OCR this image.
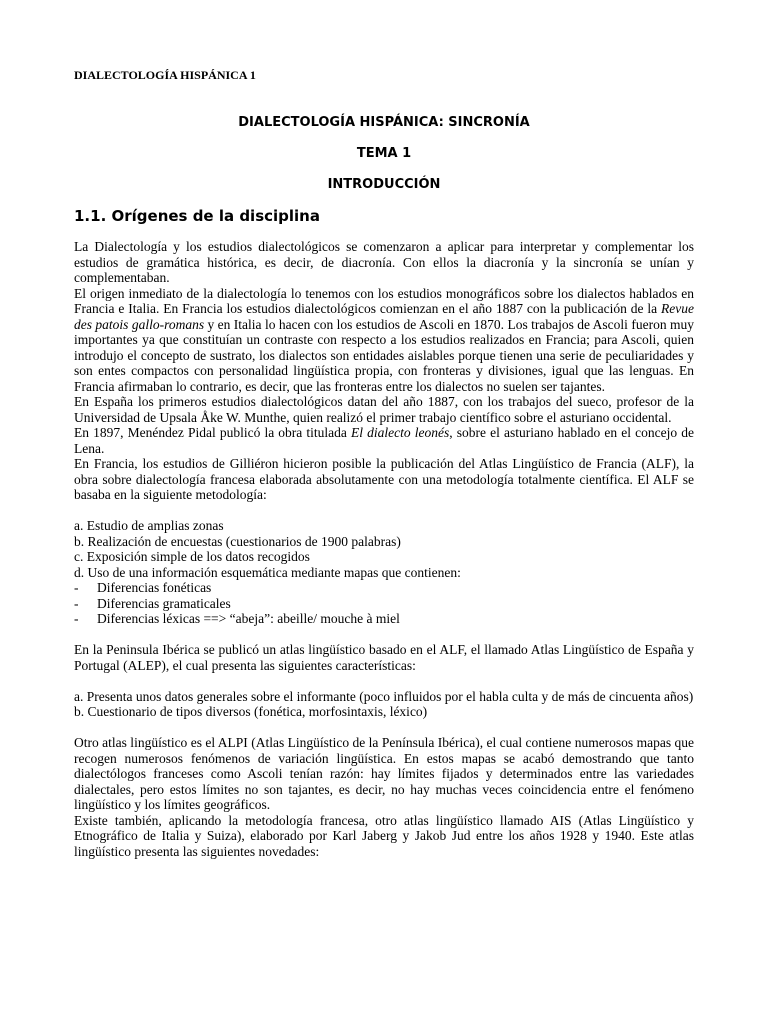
DIALECTOLOGÍA HISPÁNICA 1
DIALECTOLOGÍA HISPÁNICA: SINCRONÍA
TEMA 1
INTRODUCCIÓN
1.1. Orígenes de la disciplina

La Dialectología y los estudios dialectológicos se comenzaron a aplicar para interpretar y complementar los estudios de gramática histórica, es decir, de diacronía. Con ellos la diacronía y la sincronía se unían y complementaban.

El origen inmediato de la dialectología lo tenemos con los estudios monográficos sobre los dialectos hablados en Francia e Italia. En Francia los estudios dialectológicos comienzan en el año 1887 con la publicación de la Revue des patois gallo-romans y en Italia lo hacen con los estudios de Ascoli en 1870. Los trabajos de Ascoli fueron muy importantes ya que constituían un contraste con respecto a los estudios realizados en Francia; para Ascoli, quien introdujo el concepto de sustrato, los dialectos son entidades aislables porque tienen una serie de peculiaridades y son entes compactos con personalidad lingüística propia, con fronteras y divisiones, igual que las lenguas. En Francia afirmaban lo contrario, es decir, que las fronteras entre los dialectos no suelen ser tajantes.

En España los primeros estudios dialectológicos datan del año 1887, con los trabajos del sueco, profesor de la Universidad de Upsala Åke W. Munthe, quien realizó el primer trabajo científico sobre el asturiano occidental.

En 1897, Menéndez Pidal publicó la obra titulada El dialecto leonés, sobre el asturiano hablado en el concejo de Lena.

En Francia, los estudios de Gilliéron hicieron posible la publicación del Atlas Lingüístico de Francia (ALF), la obra sobre dialectología francesa elaborada absolutamente con una metodología totalmente científica. El ALF se basaba en la siguiente metodología:

a. Estudio de amplias zonas

b. Realización de encuestas (cuestionarios de 1900 palabras)

c. Exposición simple de los datos recogidos

d. Uso de una información esquemática mediante mapas que contienen:

-	Diferencias fonéticas
-	Diferencias gramaticales
-	Diferencias léxicas ==> “abeja”: abeille/ mouche à miel

En la Peninsula Ibérica se publicó un atlas lingüístico basado en el ALF, el llamado Atlas Lingüístico de España y Portugal (ALEP), el cual presenta las siguientes características:

a. Presenta unos datos generales sobre el informante (poco influidos por el habla culta y de más de cincuenta años)

b. Cuestionario de tipos diversos (fonética, morfosintaxis, léxico)

Otro atlas lingüístico es el ALPI (Atlas Lingüístico de la Península Ibérica), el cual contiene numerosos mapas que recogen numerosos fenómenos de variación lingüística. En estos mapas se acabó demostrando que tanto dialectólogos franceses como Ascoli tenían razón: hay límites fijados y determinados entre las variedades dialectales, pero estos límites no son tajantes, es decir, no hay muchas veces coincidencia entre el fenómeno lingüístico y los límites geográficos.

Existe también, aplicando la metodología francesa, otro atlas lingüístico llamado AIS (Atlas Lingüístico y Etnográfico de Italia y Suiza), elaborado por Karl Jaberg y Jakob Jud entre los años 1928 y 1940. Este atlas lingüístico presenta las siguientes novedades:
